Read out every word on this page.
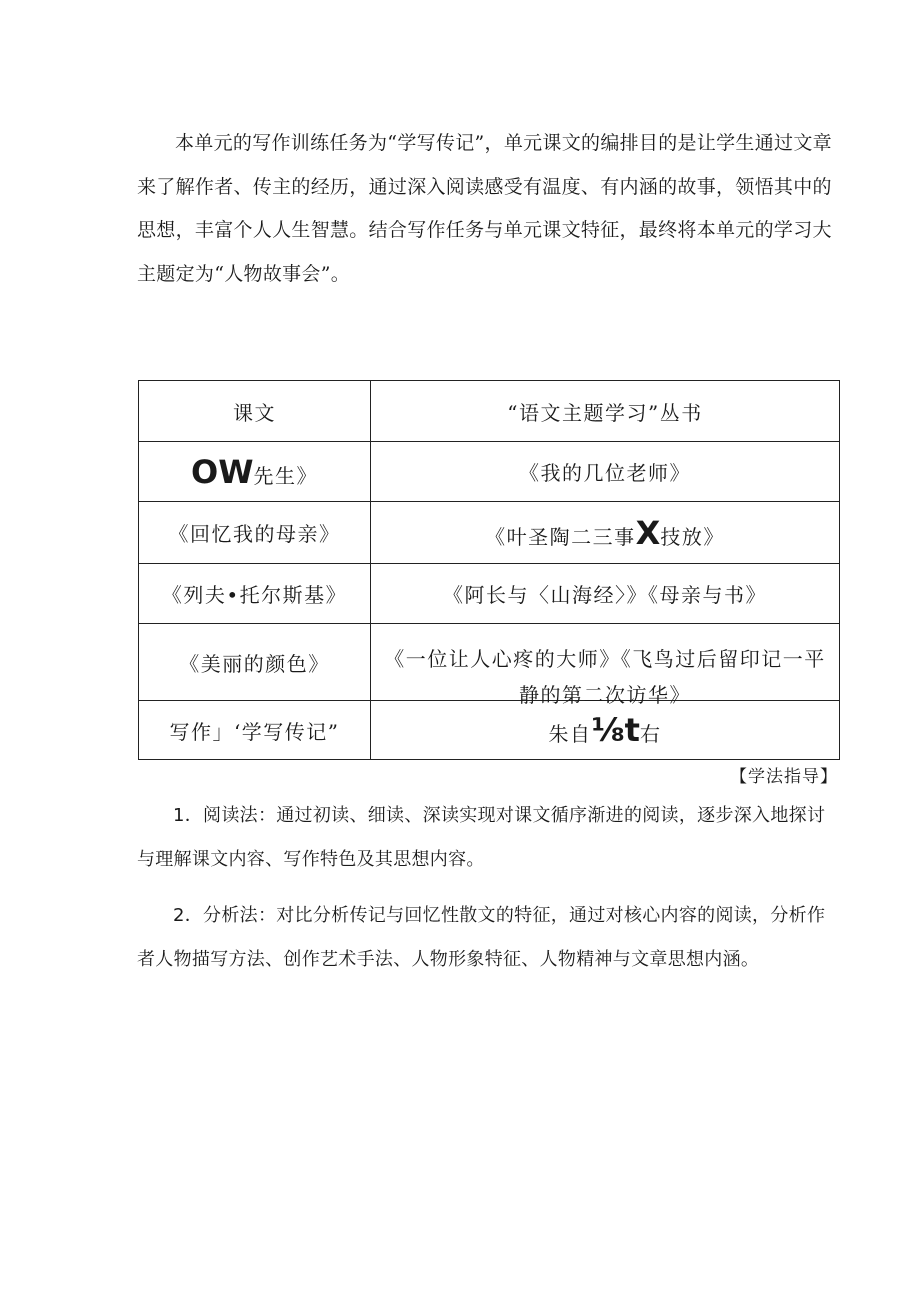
本单元的写作训练任务为“学写传记”，单元课文的编排目的是让学生通过文章来了解作者、传主的经历，通过深入阅读感受有温度、有内涵的故事，领悟其中的思想，丰富个人人生智慧。结合写作任务与单元课文特征，最终将本单元的学习大主题定为“人物故事会”。

课文	“语文主题学习”丛书
OW先生》	《我的几位老师》
《回忆我的母亲》	《叶圣陶二三事X技放》
《列夫•托尔斯基》	《阿长与〈山海经〉》《母亲与书》
《美丽的颜色》	《一位让人心疼的大师》《飞鸟过后留印记一平静的第二次访华》

写作」‘学写传记”	朱自⅛t右
【学法指导】

1．阅读法：通过初读、细读、深读实现对课文循序渐进的阅读，逐步深入地探讨与理解课文内容、写作特色及其思想内容。

2．分析法：对比分析传记与回忆性散文的特征，通过对核心内容的阅读，分析作者人物描写方法、创作艺术手法、人物形象特征、人物精神与文章思想内涵。
